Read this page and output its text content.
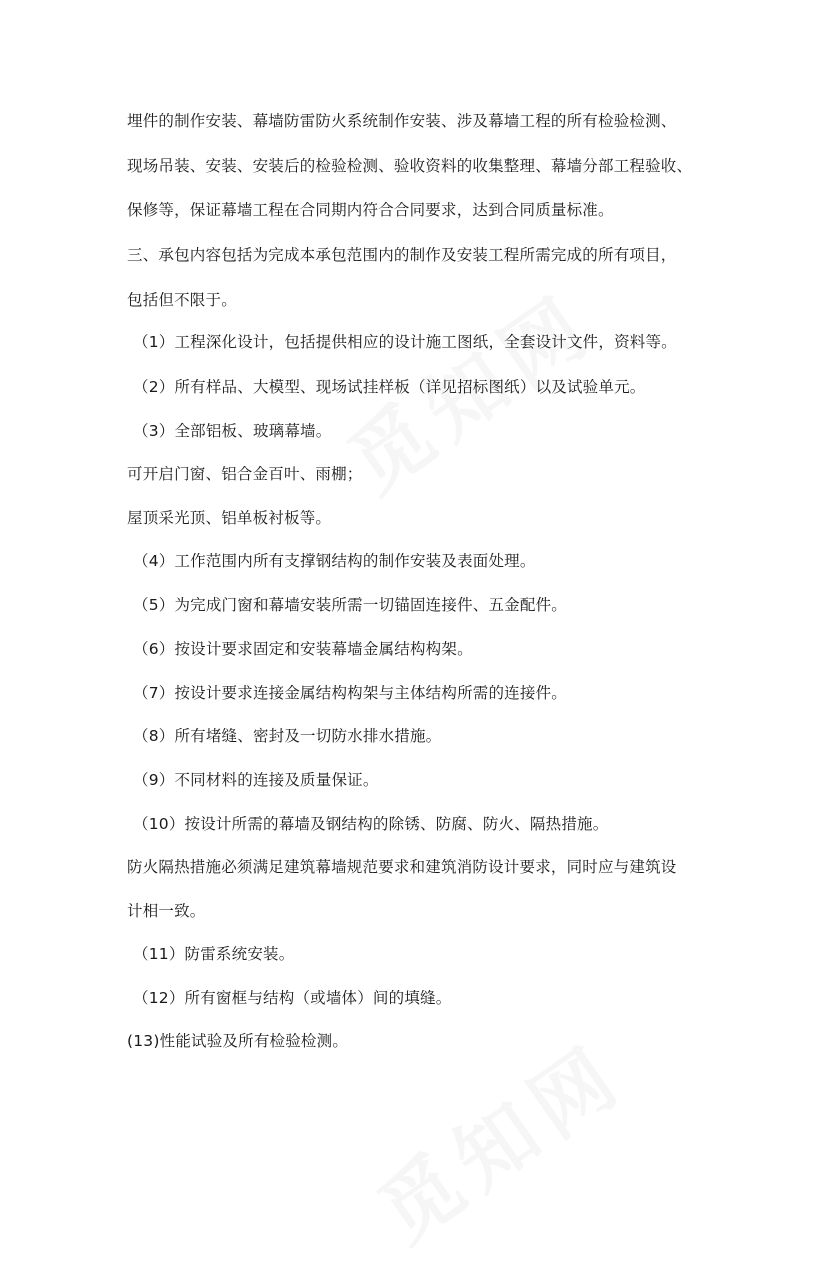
埋件的制作安装、幕墙防雷防火系统制作安装、涉及幕墙工程的所有检验检测、
现场吊装、安装、安装后的检验检测、验收资料的收集整理、幕墙分部工程验收、
保修等，保证幕墙工程在合同期内符合合同要求，达到合同质量标准。
三、承包内容包括为完成本承包范围内的制作及安装工程所需完成的所有项目，
包括但不限于。
（1）工程深化设计，包括提供相应的设计施工图纸，全套设计文件，资料等。
（2）所有样品、大模型、现场试挂样板（详见招标图纸）以及试验单元。
（3）全部铝板、玻璃幕墙。
可开启门窗、铝合金百叶、雨棚；
屋顶采光顶、铝单板衬板等。
（4）工作范围内所有支撑钢结构的制作安装及表面处理。
（5）为完成门窗和幕墙安装所需一切锚固连接件、五金配件。
（6）按设计要求固定和安装幕墙金属结构构架。
（7）按设计要求连接金属结构构架与主体结构所需的连接件。
（8）所有堵缝、密封及一切防水排水措施。
（9）不同材料的连接及质量保证。
（10）按设计所需的幕墙及钢结构的除锈、防腐、防火、隔热措施。
防火隔热措施必须满足建筑幕墙规范要求和建筑消防设计要求，同时应与建筑设
计相一致。
（11）防雷系统安装。
（12）所有窗框与结构（或墙体）间的填缝。
(13)性能试验及所有检验检测。
